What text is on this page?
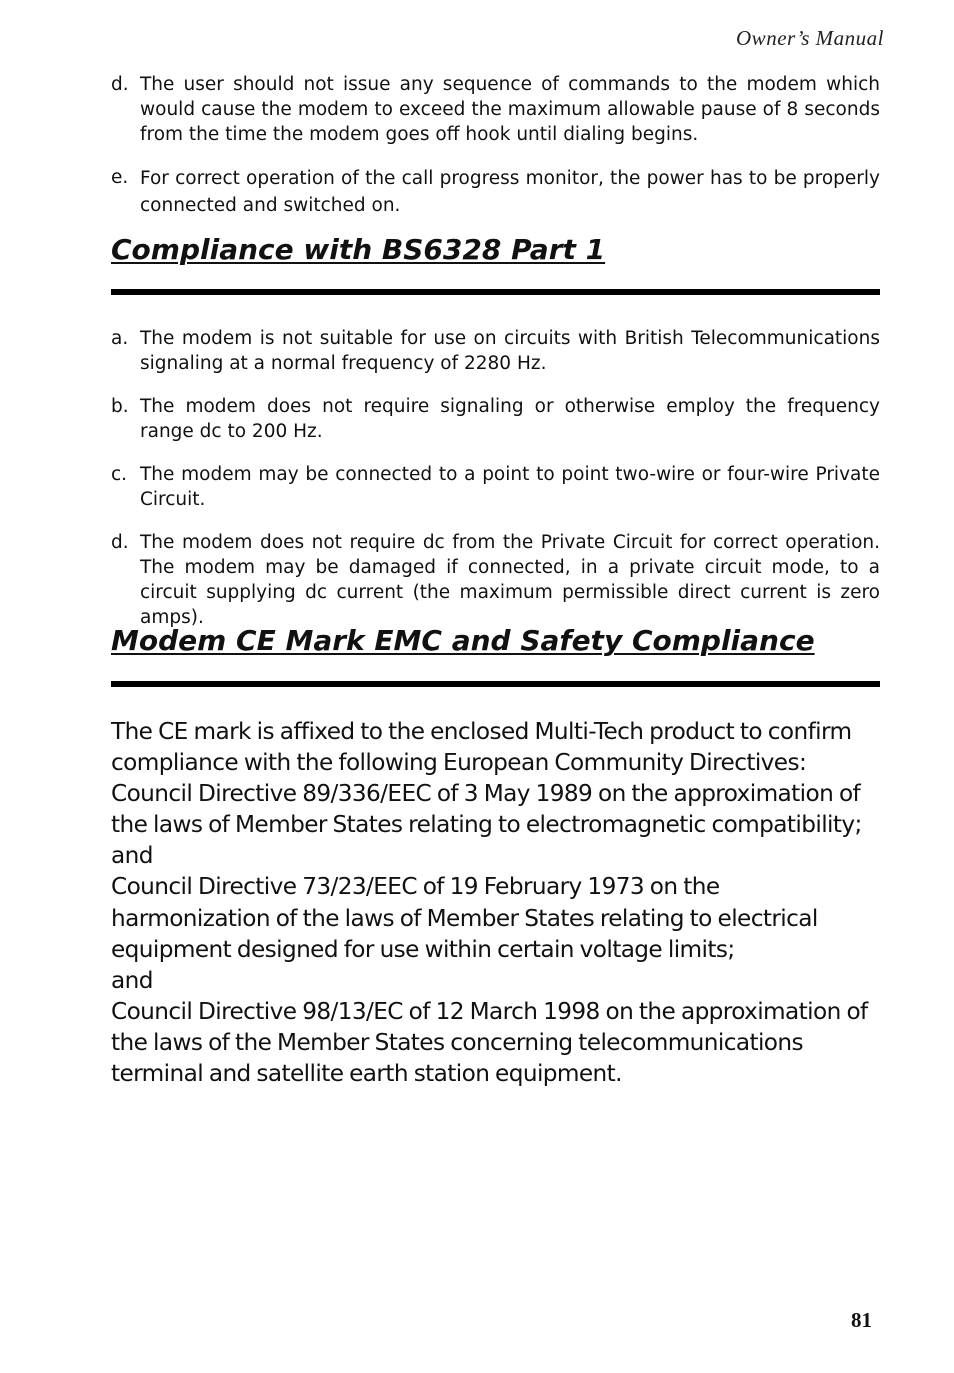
Owner’s Manual
d. The user should not issue any sequence of commands to the modem which would cause the modem to exceed the maximum allowable pause of 8 seconds from the time the modem goes off hook until dialing begins.
e. For correct operation of the call progress monitor, the power has to be properly connected and switched on.
Compliance with BS6328 Part 1
a. The modem is not suitable for use on circuits with British Telecommunications signaling at a normal frequency of 2280 Hz.
b. The modem does not require signaling or otherwise employ the frequency range dc to 200 Hz.
c. The modem may be connected to a point to point two-wire or four-wire Private Circuit.
d. The modem does not require dc from the Private Circuit for correct operation. The modem may be damaged if connected, in a private circuit mode, to a circuit supplying dc current (the maximum permissible direct current is zero amps).
Modem CE Mark EMC and Safety Compliance
The CE mark is affixed to the enclosed Multi-Tech product to confirm
compliance with the following European Community Directives:
Council Directive 89/336/EEC of 3 May 1989 on the approximation of
the laws of Member States relating to electromagnetic compatibility;
and
Council Directive 73/23/EEC of 19 February 1973 on the
harmonization of the laws of Member States relating to electrical
equipment designed for use within certain voltage limits;
and
Council Directive 98/13/EC of 12 March 1998 on the approximation of
the laws of the Member States concerning telecommunications
terminal and satellite earth station equipment.
81
